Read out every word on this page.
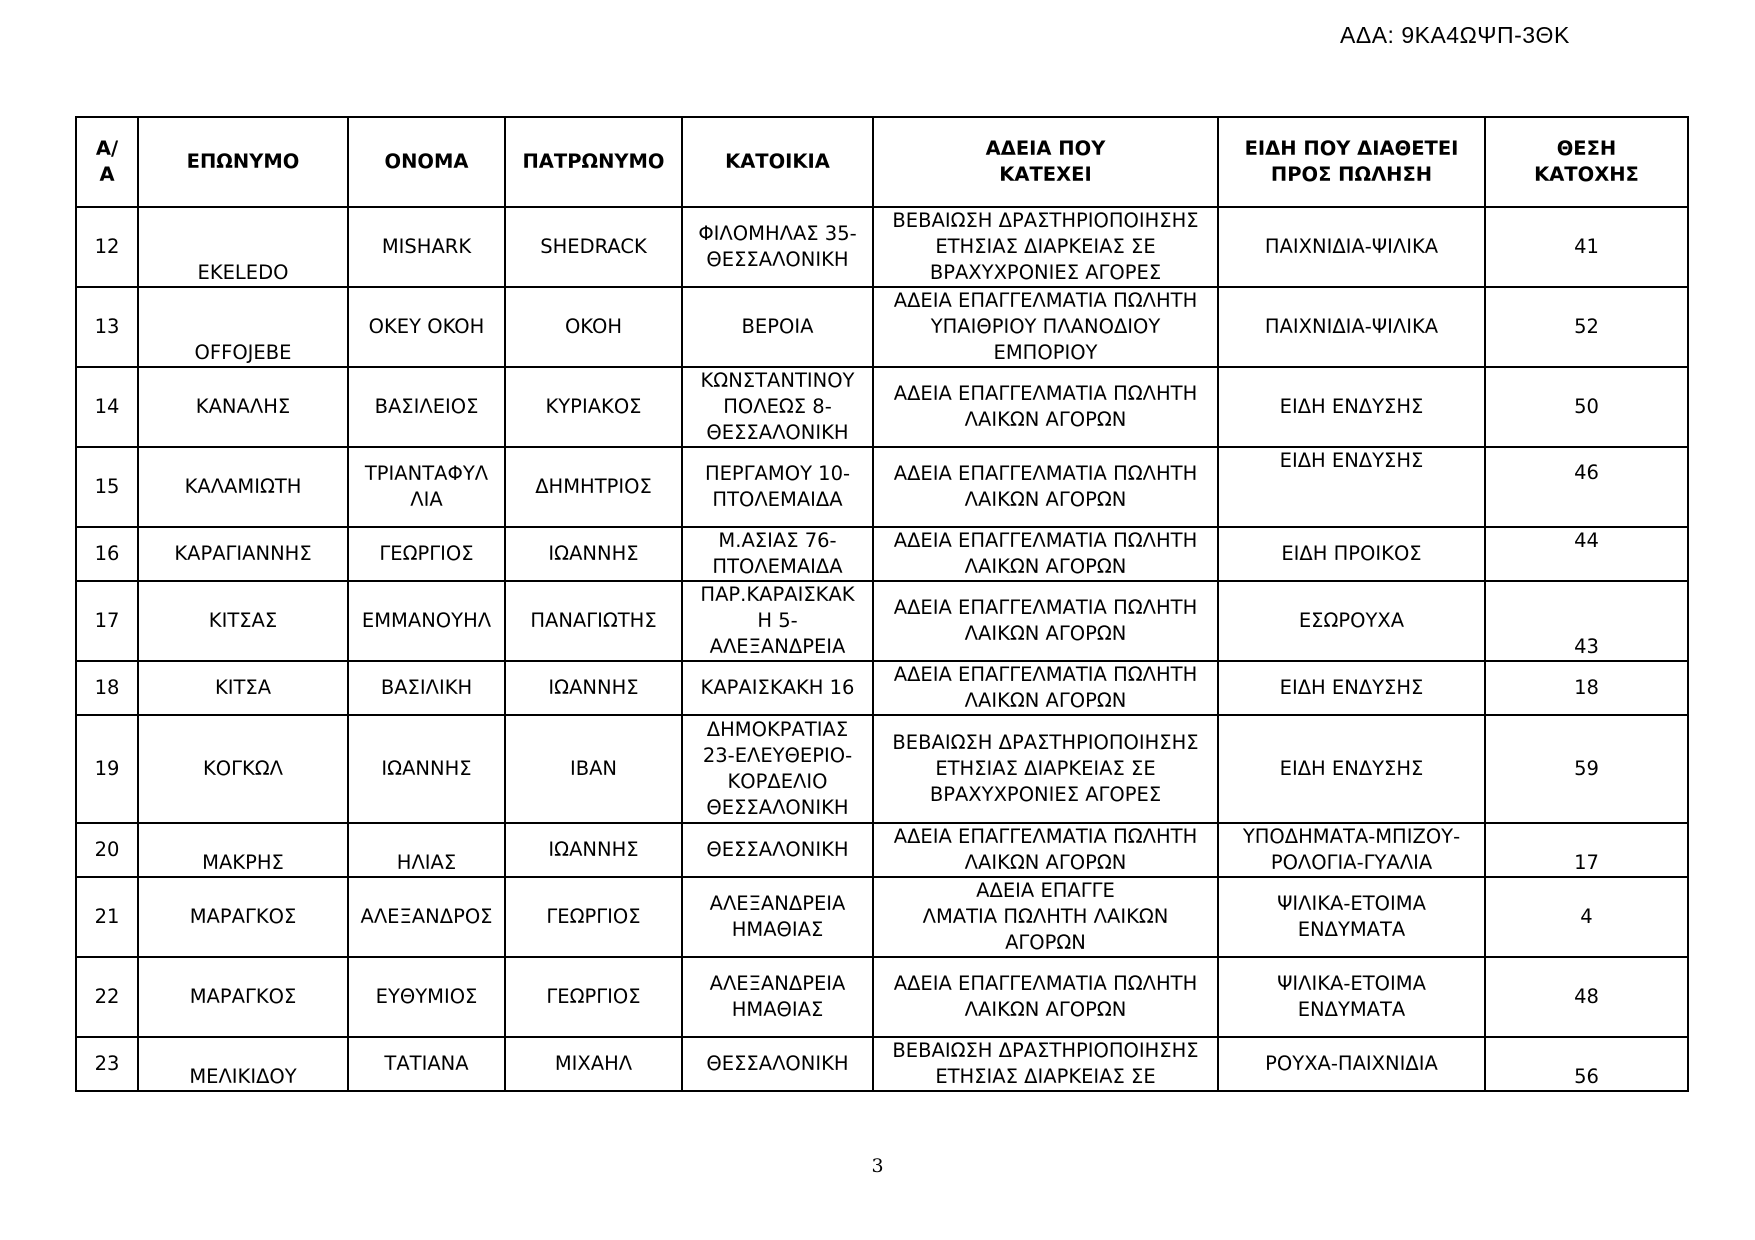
ΑΔΑ: 9ΚΑ4ΩΨΠ-3ΘΚ
Α/
Α	ΕΠΩΝΥΜΟ	ΟΝΟΜΑ	ΠΑΤΡΩΝΥΜΟ	ΚΑΤΟΙΚΙΑ	ΑΔΕΙΑ ΠΟΥ
ΚΑΤΕΧΕΙ	ΕΙΔΗ ΠΟΥ ΔΙΑΘΕΤΕΙ
ΠΡΟΣ ΠΩΛΗΣΗ	ΘΕΣΗ
ΚΑΤΟΧΗΣ
12	EKELEDO	MISHARK	SHEDRACK	ΦΙΛΟΜΗΛΑΣ 35-
ΘΕΣΣΑΛΟΝΙΚΗ	ΒΕΒΑΙΩΣΗ ΔΡΑΣΤΗΡΙΟΠΟΙΗΣΗΣ
ΕΤΗΣΙΑΣ ΔΙΑΡΚΕΙΑΣ ΣΕ
ΒΡΑΧΥΧΡΟΝΙΕΣ ΑΓΟΡΕΣ	ΠΑΙΧΝΙΔΙΑ-ΨΙΛΙΚΑ	41
13	OFFOJEBE	OKEY OKOH	OKOH	ΒΕΡΟΙΑ	ΑΔΕΙΑ ΕΠΑΓΓΕΛΜΑΤΙΑ ΠΩΛΗΤΗ
ΥΠΑΙΘΡΙΟΥ ΠΛΑΝΟΔΙΟΥ
ΕΜΠΟΡΙΟΥ	ΠΑΙΧΝΙΔΙΑ-ΨΙΛΙΚΑ	52
14	ΚΑΝΑΛΗΣ	ΒΑΣΙΛΕΙΟΣ	ΚΥΡΙΑΚΟΣ	ΚΩΝΣΤΑΝΤΙΝΟΥ
ΠΟΛΕΩΣ 8-
ΘΕΣΣΑΛΟΝΙΚΗ	ΑΔΕΙΑ ΕΠΑΓΓΕΛΜΑΤΙΑ ΠΩΛΗΤΗ
ΛΑΙΚΩΝ ΑΓΟΡΩΝ	ΕΙΔΗ ΕΝΔΥΣΗΣ	50
15	ΚΑΛΑΜΙΩΤΗ	ΤΡΙΑΝΤΑΦΥΛ
ΛΙΑ	ΔΗΜΗΤΡΙΟΣ	ΠΕΡΓΑΜΟΥ 10-
ΠΤΟΛΕΜΑΙΔΑ	ΑΔΕΙΑ ΕΠΑΓΓΕΛΜΑΤΙΑ ΠΩΛΗΤΗ
ΛΑΙΚΩΝ ΑΓΟΡΩΝ	ΕΙΔΗ ΕΝΔΥΣΗΣ	46
16	ΚΑΡΑΓΙΑΝΝΗΣ	ΓΕΩΡΓΙΟΣ	ΙΩΑΝΝΗΣ	Μ.ΑΣΙΑΣ 76-
ΠΤΟΛΕΜΑΙΔΑ	ΑΔΕΙΑ ΕΠΑΓΓΕΛΜΑΤΙΑ ΠΩΛΗΤΗ
ΛΑΙΚΩΝ ΑΓΟΡΩΝ	ΕΙΔΗ ΠΡΟΙΚΟΣ	44
17	ΚΙΤΣΑΣ	ΕΜΜΑΝΟΥΗΛ	ΠΑΝΑΓΙΩΤΗΣ	ΠΑΡ.ΚΑΡΑΙΣΚΑΚ
Η 5-
ΑΛΕΞΑΝΔΡΕΙΑ	ΑΔΕΙΑ ΕΠΑΓΓΕΛΜΑΤΙΑ ΠΩΛΗΤΗ
ΛΑΙΚΩΝ ΑΓΟΡΩΝ	ΕΣΩΡΟΥΧΑ	43
18	ΚΙΤΣΑ	ΒΑΣΙΛΙΚΗ	ΙΩΑΝΝΗΣ	ΚΑΡΑΙΣΚΑΚΗ 16	ΑΔΕΙΑ ΕΠΑΓΓΕΛΜΑΤΙΑ ΠΩΛΗΤΗ
ΛΑΙΚΩΝ ΑΓΟΡΩΝ	ΕΙΔΗ ΕΝΔΥΣΗΣ	18
19	ΚΟΓΚΩΛ	ΙΩΑΝΝΗΣ	ΙΒΑΝ	ΔΗΜΟΚΡΑΤΙΑΣ
23-ΕΛΕΥΘΕΡΙΟ-
ΚΟΡΔΕΛΙΟ
ΘΕΣΣΑΛΟΝΙΚΗ	ΒΕΒΑΙΩΣΗ ΔΡΑΣΤΗΡΙΟΠΟΙΗΣΗΣ
ΕΤΗΣΙΑΣ ΔΙΑΡΚΕΙΑΣ ΣΕ
ΒΡΑΧΥΧΡΟΝΙΕΣ ΑΓΟΡΕΣ	ΕΙΔΗ ΕΝΔΥΣΗΣ	59
20	ΜΑΚΡΗΣ	ΗΛΙΑΣ	ΙΩΑΝΝΗΣ	ΘΕΣΣΑΛΟΝΙΚΗ	ΑΔΕΙΑ ΕΠΑΓΓΕΛΜΑΤΙΑ ΠΩΛΗΤΗ
ΛΑΙΚΩΝ ΑΓΟΡΩΝ	ΥΠΟΔΗΜΑΤΑ-ΜΠΙΖΟΥ-
ΡΟΛΟΓΙΑ-ΓΥΑΛΙΑ	17
21	ΜΑΡΑΓΚΟΣ	ΑΛΕΞΑΝΔΡΟΣ	ΓΕΩΡΓΙΟΣ	ΑΛΕΞΑΝΔΡΕΙΑ
ΗΜΑΘΙΑΣ	ΑΔΕΙΑ ΕΠΑΓΓΕ
ΛΜΑΤΙΑ ΠΩΛΗΤΗ ΛΑΙΚΩΝ
ΑΓΟΡΩΝ	ΨΙΛΙΚΑ-ΕΤΟΙΜΑ
ΕΝΔΥΜΑΤΑ	4
22	ΜΑΡΑΓΚΟΣ	ΕΥΘΥΜΙΟΣ	ΓΕΩΡΓΙΟΣ	ΑΛΕΞΑΝΔΡΕΙΑ
ΗΜΑΘΙΑΣ	ΑΔΕΙΑ ΕΠΑΓΓΕΛΜΑΤΙΑ ΠΩΛΗΤΗ
ΛΑΙΚΩΝ ΑΓΟΡΩΝ	ΨΙΛΙΚΑ-ΕΤΟΙΜΑ
ΕΝΔΥΜΑΤΑ	48
23	ΜΕΛΙΚΙΔΟΥ	ΤΑΤΙΑΝΑ	ΜΙΧΑΗΛ	ΘΕΣΣΑΛΟΝΙΚΗ	ΒΕΒΑΙΩΣΗ ΔΡΑΣΤΗΡΙΟΠΟΙΗΣΗΣ
ΕΤΗΣΙΑΣ ΔΙΑΡΚΕΙΑΣ ΣΕ	ΡΟΥΧΑ-ΠΑΙΧΝΙΔΙΑ	56
3
